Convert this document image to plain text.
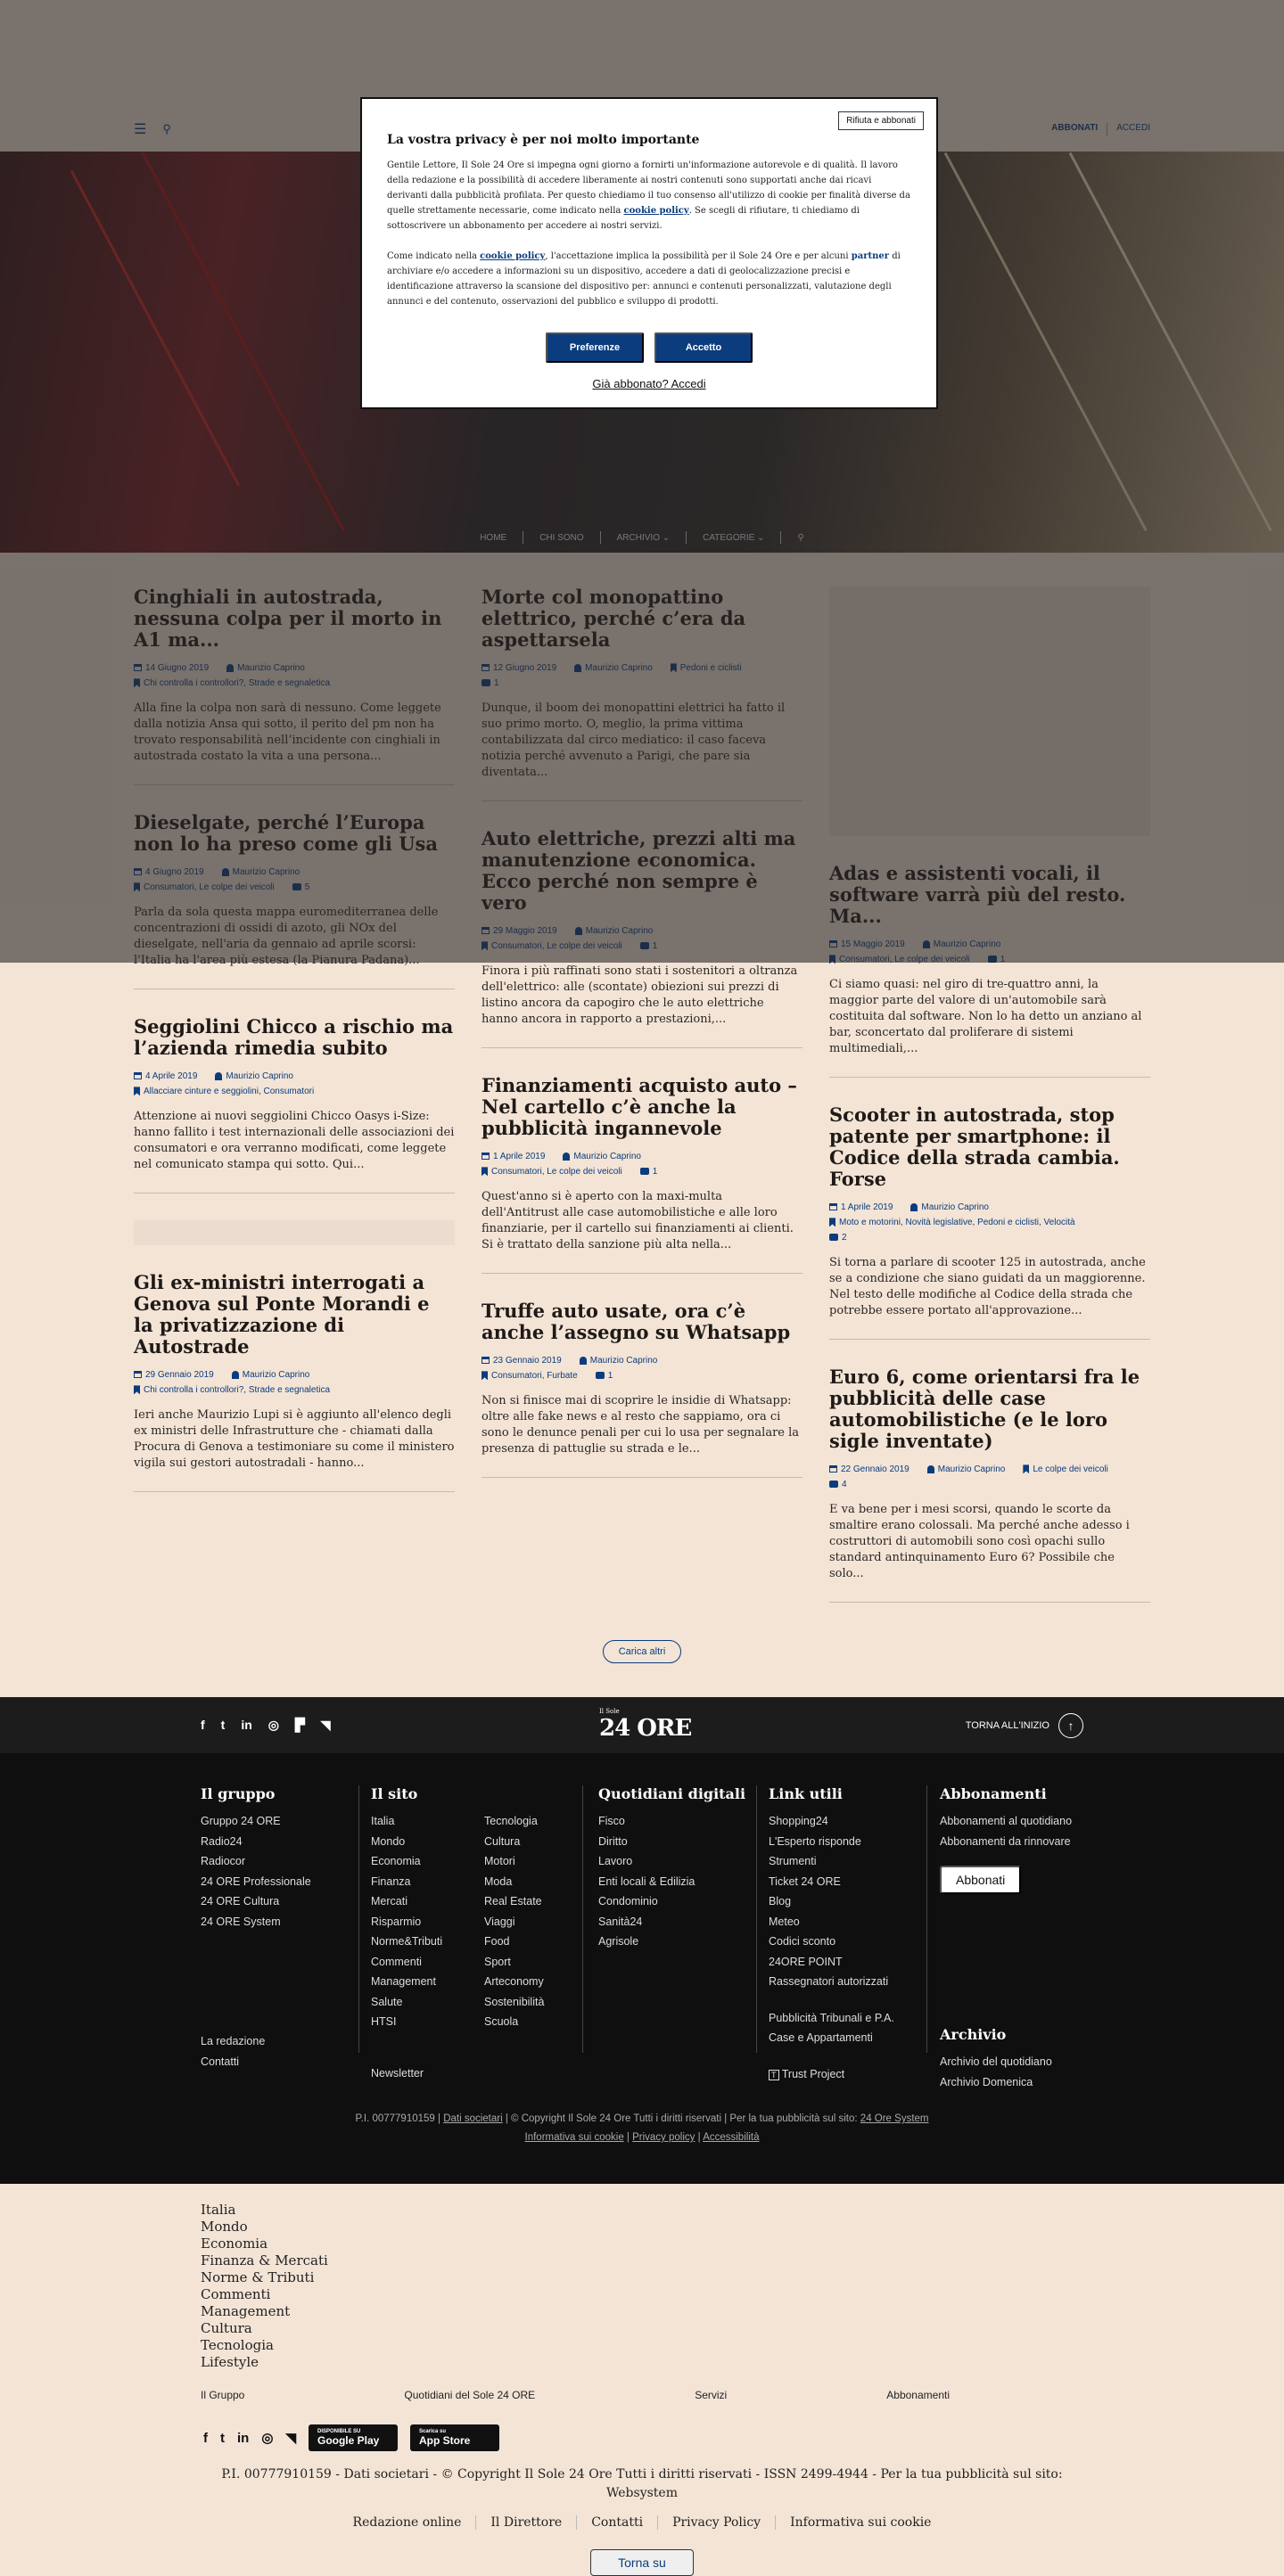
Seggiolini Chicco a rischio ma l’azienda rimedia subito
4 Aprile 2019	Maurizio Caprino
Allacciare cinture e seggiolini, Consumatori

Attenzione ai nuovi seggiolini Chicco Oasys i-Size: hanno fallito i test internazionali delle associazioni dei consumatori e ora verranno modificati, come leggete nel comunicato stampa qui sotto. Qui...

Gli ex-ministri interrogati a Genova sul Ponte Morandi e la privatizzazione di Autostrade
29 Gennaio 2019	Maurizio Caprino
Chi controlla i controllori?, Strade e segnaletica

Ieri anche Maurizio Lupi si è aggiunto all'elenco degli ex ministri delle Infrastrutture che - chiamati dalla Procura di Genova a testimoniare su come il ministero vigila sui gestori autostradali - hanno...

Finora i più raffinati sono stati i sostenitori a oltranza dell'elettrico: alle (scontate) obiezioni sui prezzi di listino ancora da capogiro che le auto elettriche hanno ancora in rapporto a prestazioni,...

Finanziamenti acquisto auto – Nel cartello c’è anche la pubblicità ingannevole
1 Aprile 2019	Maurizio Caprino
Consumatori, Le colpe dei veicoli	1

Quest'anno si è aperto con la maxi-multa dell'Antitrust alle case automobilistiche e alle loro finanziarie, per il cartello sui finanziamenti ai clienti. Si è trattato della sanzione più alta nella...

Truffe auto usate, ora c’è anche l’assegno su Whatsapp
23 Gennaio 2019	Maurizio Caprino
Consumatori, Furbate	1

Non si finisce mai di scoprire le insidie di Whatsapp: oltre alle fake news e al resto che sappiamo, ora ci sono le denunce penali per cui lo usa per segnalare la presenza di pattuglie su strada e le...

Ci siamo quasi: nel giro di tre-quattro anni, la maggior parte del valore di un'automobile sarà costituita dal software. Non lo ha detto un anziano al bar, sconcertato dal proliferare di sistemi multimediali,...

Scooter in autostrada, stop patente per smartphone: il Codice della strada cambia. Forse
1 Aprile 2019	Maurizio Caprino
Moto e motorini, Novità legislative, Pedoni e ciclisti, Velocità
2

Si torna a parlare di scooter 125 in autostrada, anche se a condizione che siano guidati da un maggiorenne. Nel testo delle modifiche al Codice della strada che potrebbe essere portato all'approvazione...

Euro 6, come orientarsi fra le pubblicità delle case automobilistiche (e le loro sigle inventate)
22 Gennaio 2019	Maurizio Caprino	Le colpe dei veicoli
4

E va bene per i mesi scorsi, quando le scorte da smaltire erano colossali. Ma perché anche adesso i costruttori di automobili sono così opachi sullo standard antinquinamento Euro 6? Possibile che solo...

Carica altri
Rifiuta e abbonati
La vostra privacy è per noi molto importante

Gentile Lettore, Il Sole 24 Ore si impegna ogni giorno a fornirti un'informazione autorevole e di qualità. Il lavoro della redazione e la possibilità di accedere liberamente ai nostri contenuti sono supportati anche dai ricavi derivanti dalla pubblicità profilata. Per questo chiediamo il tuo consenso all'utilizzo di cookie per finalità diverse da quelle strettamente necessarie, come indicato nella cookie policy. Se scegli di rifiutare, ti chiediamo di sottoscrivere un abbonamento per accedere ai nostri servizi.

Come indicato nella cookie policy, l'accettazione implica la possibilità per il Sole 24 Ore e per alcuni partner di archiviare e/o accedere a informazioni su un dispositivo, accedere a dati di geolocalizzazione precisi e identificazione attraverso la scansione del dispositivo per: annunci e contenuti personalizzati, valutazione degli annunci e del contenuto, osservazioni del pubblico e sviluppo di prodotti.

Preferenze	Accetto
Già abbonato? Accedi
f t in ◎ ▛ ◥
Il Sole
24 ORE	TORNA ALL'INIZIO	↑
Il gruppo
Gruppo 24 ORE
Radio24
Radiocor
24 ORE Professionale
24 ORE Cultura
24 ORE System
La redazione
Contatti
Il sito
Italia
Mondo
Economia
Finanza
Mercati
Risparmio
Norme&Tributi
Commenti
Management
Salute
HTSI
Tecnologia
Cultura
Motori
Moda
Real Estate
Viaggi
Food
Sport
Arteconomy
Sostenibilità
Scuola
Newsletter
Quotidiani digitali
Fisco
Diritto
Lavoro
Enti locali & Edilizia
Condominio
Sanità24
Agrisole
Link utili
Shopping24
L'Esperto risponde
Strumenti
Ticket 24 ORE
Blog
Meteo
Codici sconto
24ORE POINT
Rassegnatori autorizzati
Pubblicità Tribunali e P.A.
Case e Appartamenti
T Trust Project
Abbonamenti
Abbonamenti al quotidiano
Abbonamenti da rinnovare
Abbonati
Archivio
Archivio del quotidiano
Archivio Domenica
P.I. 00777910159 | Dati societari | © Copyright Il Sole 24 Ore Tutti i diritti riservati | Per la tua pubblicità sul sito: 24 Ore System
Informativa sui cookie | Privacy policy | Accessibilità
Italia
Mondo
Economia
Finanza & Mercati
Norme & Tributi
Commenti
Management
Cultura
Tecnologia
Lifestyle
Il Gruppo	Quotidiani del Sole 24 ORE	Servizi	Abbonamenti
f t in ◎ ◥	DISPONIBILE SU
Google Play
Scarica su
App Store
P.I. 00777910159 - Dati societari - © Copyright Il Sole 24 Ore Tutti i diritti riservati - ISSN 2499-4944 - Per la tua pubblicità sul sito: Websystem
Redazione online Il Direttore Contatti Privacy Policy Informativa sui cookie
Torna su
